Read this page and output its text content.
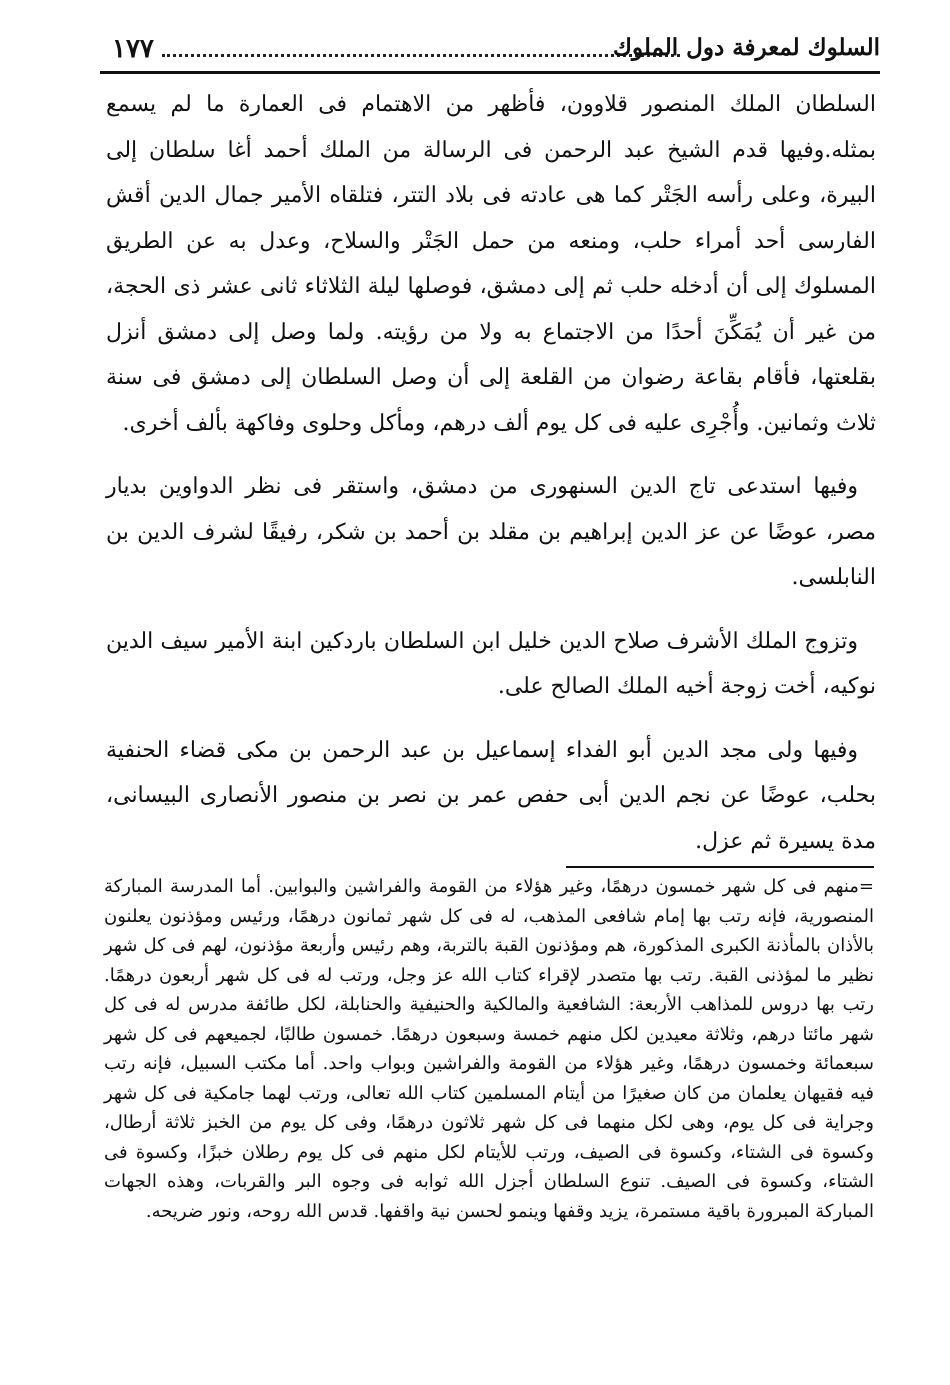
١٧٧	السلوك لمعرفة دول الملوك

السلطان الملك المنصور قلاوون، فأظهر من الاهتمام فى العمارة ما لم يسمع بمثله.وفيها قدم الشيخ عبد الرحمن فى الرسالة من الملك أحمد أغا سلطان إلى البيرة، وعلى رأسه الجَتْر كما هى عادته فى بلاد التتر، فتلقاه الأمير جمال الدين أقش الفارسى أحد أمراء حلب، ومنعه من حمل الجَتْر والسلاح، وعدل به عن الطريق المسلوك إلى أن أدخله حلب ثم إلى دمشق، فوصلها ليلة الثلاثاء ثانى عشر ذى الحجة، من غير أن يُمَكِّنَ أحدًا من الاجتماع به ولا من رؤيته. ولما وصل إلى دمشق أنزل بقلعتها، فأقام بقاعة رضوان من القلعة إلى أن وصل السلطان إلى دمشق فى سنة ثلاث وثمانين. وأُجْرِى عليه فى كل يوم ألف درهم، ومأكل وحلوى وفاكهة بألف أخرى.

وفيها استدعى تاج الدين السنهورى من دمشق، واستقر فى نظر الدواوين بديار مصر، عوضًا عن عز الدين إبراهيم بن مقلد بن أحمد بن شكر، رفيقًا لشرف الدين بن النابلسى.

وتزوج الملك الأشرف صلاح الدين خليل ابن السلطان باردكين ابنة الأمير سيف الدين نوكيه، أخت زوجة أخيه الملك الصالح على.

وفيها ولى مجد الدين أبو الفداء إسماعيل بن عبد الرحمن بن مكى قضاء الحنفية بحلب، عوضًا عن نجم الدين أبى حفص عمر بن نصر بن منصور الأنصارى البيسانى، مدة يسيرة ثم عزل.

=منهم فى كل شهر خمسون درهمًا، وغير هؤلاء من القومة والفراشين والبوابين. أما المدرسة المباركة المنصورية، فإنه رتب بها إمام شافعى المذهب، له فى كل شهر ثمانون درهمًا، ورئيس ومؤذنون يعلنون بالأذان بالمأذنة الكبرى المذكورة، هم ومؤذنون القبة بالتربة، وهم رئيس وأربعة مؤذنون، لهم فى كل شهر نظير ما لمؤذنى القبة. رتب بها متصدر لإقراء كتاب الله عز وجل، ورتب له فى كل شهر أربعون درهمًا. رتب بها دروس للمذاهب الأربعة: الشافعية والمالكية والحنيفية والحنابلة، لكل طائفة مدرس له فى كل شهر مائتا درهم، وثلاثة معيدين لكل منهم خمسة وسبعون درهمًا. خمسون طالبًا، لجميعهم فى كل شهر سبعمائة وخمسون درهمًا، وغير هؤلاء من القومة والفراشين وبواب واحد. أما مكتب السبيل، فإنه رتب فيه فقيهان يعلمان من كان صغيرًا من أيتام المسلمين كتاب الله تعالى، ورتب لهما جامكية فى كل شهر وجراية فى كل يوم، وهى لكل منهما فى كل شهر ثلاثون درهمًا، وفى كل يوم من الخبز ثلاثة أرطال، وكسوة فى الشتاء، وكسوة فى الصيف، ورتب للأيتام لكل منهم فى كل يوم رطلان خبزًا، وكسوة فى الشتاء، وكسوة فى الصيف. تنوع السلطان أجزل الله ثوابه فى وجوه البر والقربات، وهذه الجهات المباركة المبرورة باقية مستمرة، يزيد وقفها وينمو لحسن نية واقفها. قدس الله روحه، ونور ضريحه.
